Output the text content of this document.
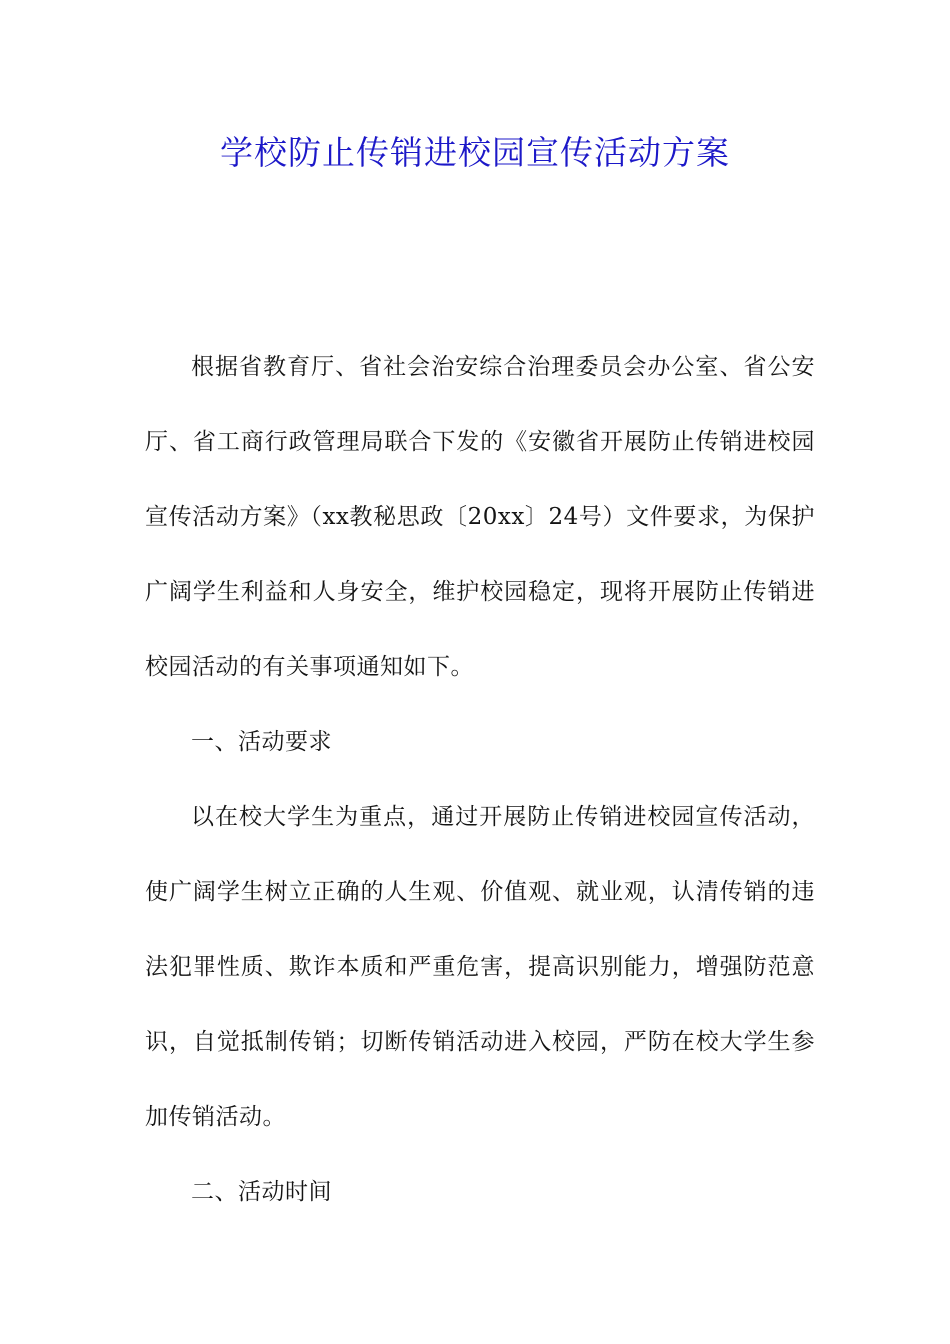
学校防止传销进校园宣传活动方案

根据省教育厅、省社会治安综合治理委员会办公室、省公安厅、省工商行政管理局联合下发的《安徽省开展防止传销进校园宣传活动方案》（xx教秘思政〔20xx〕24号）文件要求，为保护广阔学生利益和人身安全，维护校园稳定，现将开展防止传销进校园活动的有关事项通知如下。

一、活动要求

以在校大学生为重点，通过开展防止传销进校园宣传活动，使广阔学生树立正确的人生观、价值观、就业观，认清传销的违法犯罪性质、欺诈本质和严重危害，提高识别能力，增强防范意识，自觉抵制传销；切断传销活动进入校园，严防在校大学生参加传销活动。

二、活动时间
